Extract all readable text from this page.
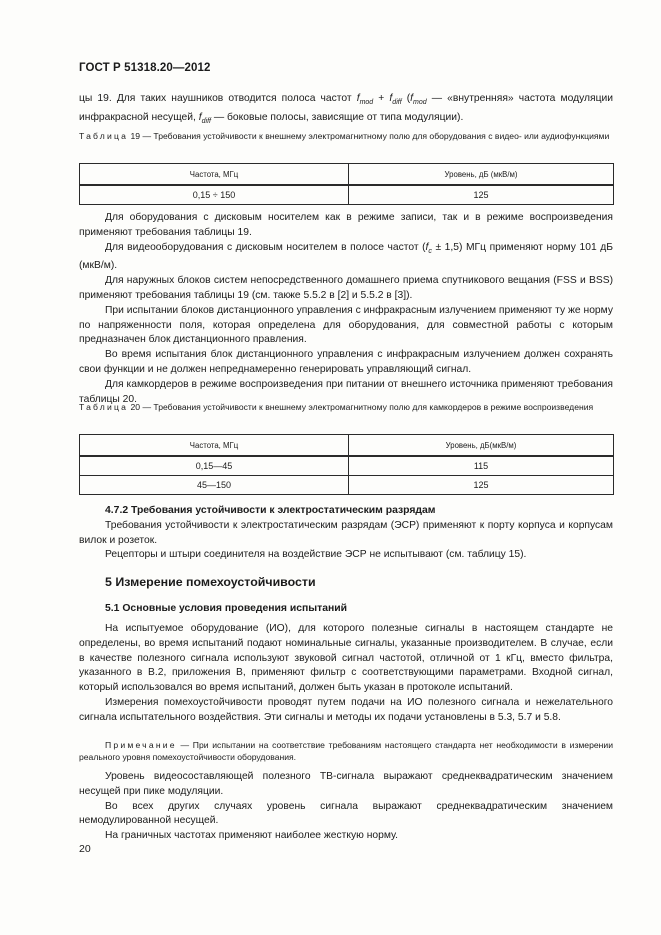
ГОСТ Р 51318.20—2012

цы 19. Для таких наушников отводится полоса частот $f_{mod} + f_{diff}$ ($f_{mod}$ — «внутренняя» частота модуляции инфракрасной несущей, $f_{diff}$ — боковые полосы, зависящие от типа модуляции).

Таблица 19 — Требования устойчивости к внешнему электромагнитному полю для оборудования с видео- или аудиофункциями
Частота, МГц	Уровень, дБ (мкВ/м)
0,15 ÷ 150	125

Для оборудования с дисковым носителем как в режиме записи, так и в режиме воспроизведения применяют требования таблицы 19.

Для видеооборудования с дисковым носителем в полосе частот $(f_c \pm 1,5)$ МГц применяют норму 101 дБ (мкВ/м).

Для наружных блоков систем непосредственного домашнего приема спутникового вещания (FSS и BSS) применяют требования таблицы 19 (см. также 5.5.2 в [2] и 5.5.2 в [3]).

При испытании блоков дистанционного управления с инфракрасным излучением применяют ту же норму по напряженности поля, которая определена для оборудования, для совместной работы с которым предназначен блок дистанционного правления.

Во время испытания блок дистанционного управления с инфракрасным излучением должен сохранять свои функции и не должен непреднамеренно генерировать управляющий сигнал.

Для камкордеров в режиме воспроизведения при питании от внешнего источника применяют требования таблицы 20.

Таблица 20 — Требования устойчивости к внешнему электромагнитному полю для камкордеров в режиме воспроизведения
Частота, МГц	Уровень, дБ(мкВ/м)
0,15—45	115
45—150	125

4.7.2 Требования устойчивости к электростатическим разрядам

Требования устойчивости к электростатическим разрядам (ЭСР) применяют к порту корпуса и корпусам вилок и розеток.

Рецепторы и штыри соединителя на воздействие ЭСР не испытывают (см. таблицу 15).

5 Измерение помехоустойчивости

5.1 Основные условия проведения испытаний

На испытуемое оборудование (ИО), для которого полезные сигналы в настоящем стандарте не определены, во время испытаний подают номинальные сигналы, указанные производителем. В случае, если в качестве полезного сигнала используют звуковой сигнал частотой, отличной от 1 кГц, вместо фильтра, указанного в В.2, приложения В, применяют фильтр с соответствующими параметрами. Входной сигнал, который использовался во время испытаний, должен быть указан в протоколе испытаний.

Измерения помехоустойчивости проводят путем подачи на ИО полезного сигнала и нежелательного сигнала испытательного воздействия. Эти сигналы и методы их подачи установлены в 5.3, 5.7 и 5.8.

Примечание — При испытании на соответствие требованиям настоящего стандарта нет необходимости в измерении реального уровня помехоустойчивости оборудования.

Уровень видеосоставляющей полезного ТВ-сигнала выражают среднеквадратическим значением несущей при пике модуляции.

Во всех других случаях уровень сигнала выражают среднеквадратическим значением немодулированной несущей.

На граничных частотах применяют наиболее жесткую норму.

20
